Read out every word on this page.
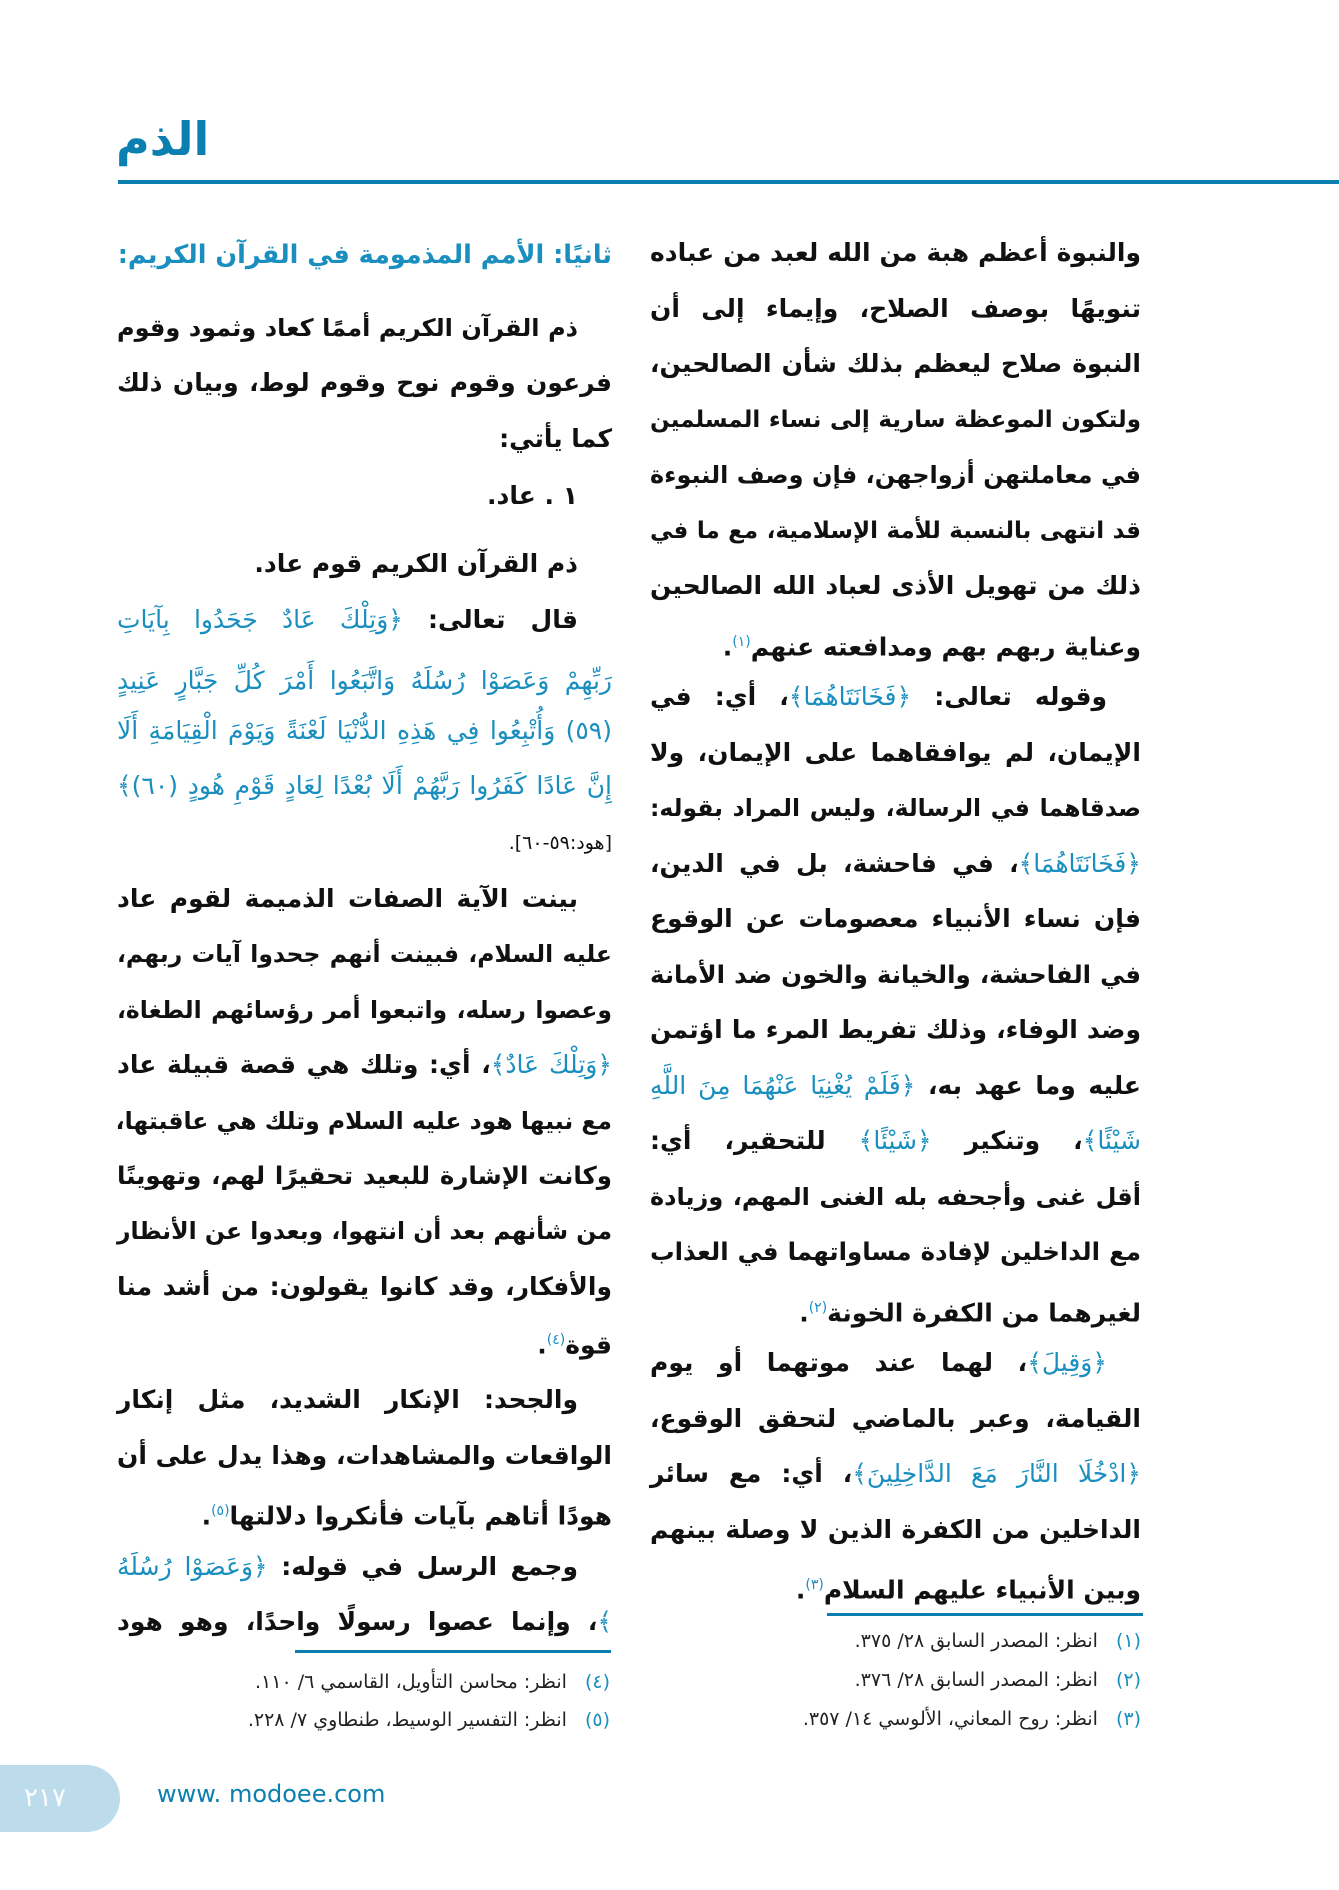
الذم
والنبوة أعظم هبة من الله لعبد من عباده
تنويهًا بوصف الصلاح، وإيماء إلى أن
النبوة صلاح ليعظم بذلك شأن الصالحين،
ولتكون الموعظة سارية إلى نساء المسلمين
في معاملتهن أزواجهن، فإن وصف النبوءة
قد انتهى بالنسبة للأمة الإسلامية، مع ما في
ذلك من تهويل الأذى لعباد الله الصالحين
وعناية ربهم بهم ومدافعته عنهم$^{(١)}$.
وقوله تعالى: ﴿فَخَانَتَاهُمَا﴾، أي: في
الإيمان، لم يوافقاهما على الإيمان، ولا
صدقاهما في الرسالة، وليس المراد بقوله:
﴿فَخَانَتَاهُمَا﴾، في فاحشة، بل في الدين،
فإن نساء الأنبياء معصومات عن الوقوع
في الفاحشة، والخيانة والخون ضد الأمانة
وضد الوفاء، وذلك تفريط المرء ما اؤتمن
عليه وما عهد به، ﴿فَلَمْ يُغْنِيَا عَنْهُمَا مِنَ اللَّهِ
شَيْئًا﴾، وتنكير ﴿شَيْئًا﴾ للتحقير، أي:
أقل غنى وأجحفه بله الغنى المهم، وزيادة
مع الداخلين لإفادة مساواتهما في العذاب
لغيرهما من الكفرة الخونة$^{(٢)}$.
﴿وَقِيلَ﴾، لهما عند موتهما أو يوم
القيامة، وعبر بالماضي لتحقق الوقوع،
﴿ادْخُلَا النَّارَ مَعَ الدَّاخِلِينَ﴾، أي: مع سائر
الداخلين من الكفرة الذين لا وصلة بينهم
وبين الأنبياء عليهم السلام$^{(٣)}$.
ثانيًا: الأمم المذمومة في القرآن الكريم:
ذم القرآن الكريم أممًا كعاد وثمود وقوم
فرعون وقوم نوح وقوم لوط، وبيان ذلك
كما يأتي:
١ . عاد.
ذم القرآن الكريم قوم عاد.
قال تعالى: ﴿وَتِلْكَ عَادٌ جَحَدُوا بِآيَاتِ
رَبِّهِمْ وَعَصَوْا رُسُلَهُ وَاتَّبَعُوا أَمْرَ كُلِّ جَبَّارٍ عَنِيدٍ
(٥٩) وَأُتْبِعُوا فِي هَذِهِ الدُّنْيَا لَعْنَةً وَيَوْمَ الْقِيَامَةِ أَلَا
إِنَّ عَادًا كَفَرُوا رَبَّهُمْ أَلَا بُعْدًا لِعَادٍ قَوْمِ هُودٍ (٦٠)﴾
[هود:٥٩-٦٠].
بينت الآية الصفات الذميمة لقوم عاد
عليه السلام، فبينت أنهم جحدوا آيات ربهم،
وعصوا رسله، واتبعوا أمر رؤسائهم الطغاة،
﴿وَتِلْكَ عَادٌ﴾، أي: وتلك هي قصة قبيلة عاد
مع نبيها هود عليه السلام وتلك هي عاقبتها،
وكانت الإشارة للبعيد تحقيرًا لهم، وتهوينًا
من شأنهم بعد أن انتهوا، وبعدوا عن الأنظار
والأفكار، وقد كانوا يقولون: من أشد منا
قوة$^{(٤)}$.
والجحد: الإنكار الشديد، مثل إنكار
الواقعات والمشاهدات، وهذا يدل على أن
هودًا أتاهم بآيات فأنكروا دلالتها$^{(٥)}$.
وجمع الرسل في قوله: ﴿وَعَصَوْا رُسُلَهُ
﴾، وإنما عصوا رسولًا واحدًا، وهو هود
(١)انظر: المصدر السابق ٢٨/ ٣٧٥.
(٢)انظر: المصدر السابق ٢٨/ ٣٧٦.
(٣)انظر: روح المعاني، الألوسي ١٤/ ٣٥٧.
(٤)انظر: محاسن التأويل، القاسمي ٦/ ١١٠.
(٥)انظر: التفسير الوسيط، طنطاوي ٧/ ٢٢٨.
٢١٧	www. modoee.com
